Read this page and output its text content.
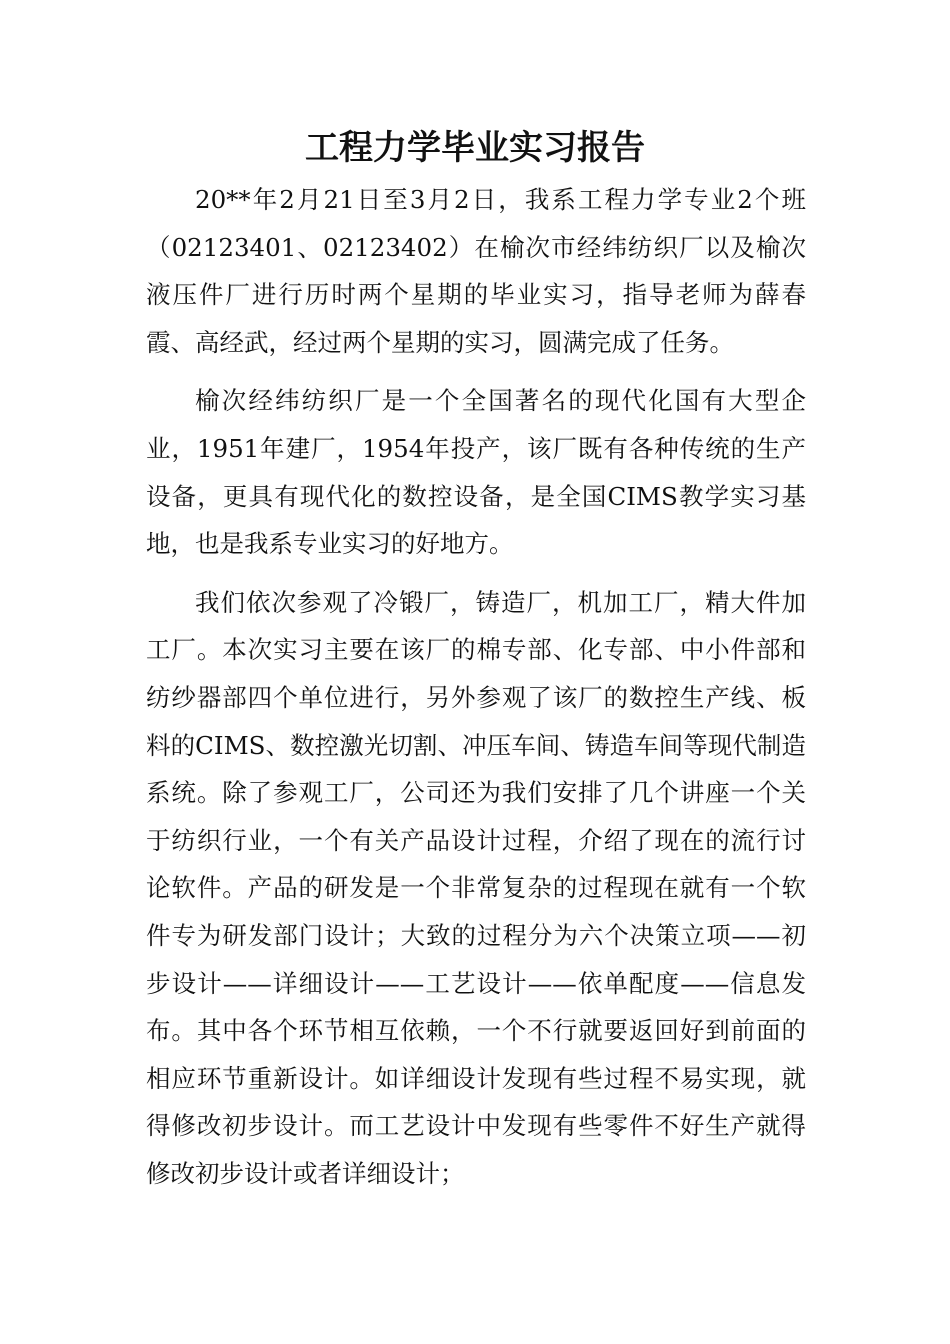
工程力学毕业实习报告

20**年2月21日至3月2日，我系工程力学专业2个班（02123401、02123402）在榆次市经纬纺织厂以及榆次液压件厂进行历时两个星期的毕业实习，指导老师为薛春霞、高经武，经过两个星期的实习，圆满完成了任务。

榆次经纬纺织厂是一个全国著名的现代化国有大型企业，1951年建厂，1954年投产，该厂既有各种传统的生产设备，更具有现代化的数控设备，是全国CIMS教学实习基地，也是我系专业实习的好地方。

我们依次参观了冷锻厂，铸造厂，机加工厂，精大件加工厂。本次实习主要在该厂的棉专部、化专部、中小件部和纺纱器部四个单位进行，另外参观了该厂的数控生产线、板料的CIMS、数控激光切割、冲压车间、铸造车间等现代制造系统。除了参观工厂，公司还为我们安排了几个讲座一个关于纺织行业，一个有关产品设计过程，介绍了现在的流行讨论软件。产品的研发是一个非常复杂的过程现在就有一个软件专为研发部门设计；大致的过程分为六个决策立项——初步设计——详细设计——工艺设计——依单配度——信息发布。其中各个环节相互依赖，一个不行就要返回好到前面的相应环节重新设计。如详细设计发现有些过程不易实现，就得修改初步设计。而工艺设计中发现有些零件不好生产就得修改初步设计或者详细设计；
